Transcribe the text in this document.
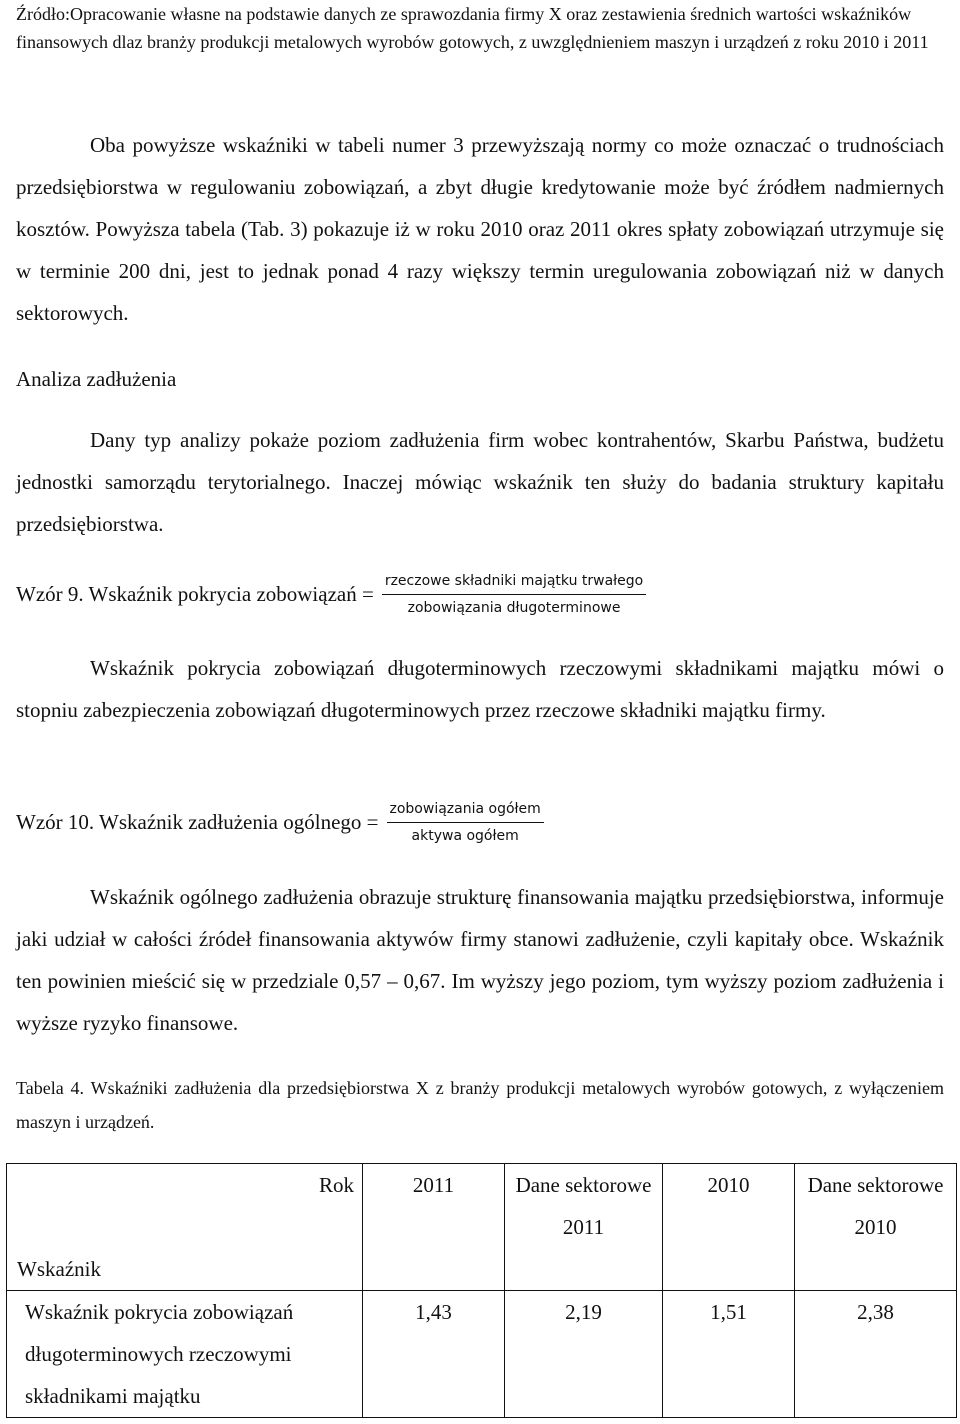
Źródło:Opracowanie własne na podstawie danych ze sprawozdania firmy X oraz zestawienia średnich wartości wskaźników finansowych dlaz branży produkcji metalowych wyrobów gotowych, z uwzględnieniem maszyn i urządzeń z roku 2010 i 2011

Oba powyższe wskaźniki w tabeli numer 3 przewyższają normy co może oznaczać o trudnościach przedsiębiorstwa w regulowaniu zobowiązań, a zbyt długie kredytowanie może być źródłem nadmiernych kosztów. Powyższa tabela (Tab. 3) pokazuje iż w roku 2010 oraz 2011 okres spłaty zobowiązań utrzymuje się w terminie 200 dni, jest to jednak ponad 4 razy większy termin uregulowania zobowiązań niż w danych sektorowych.

Analiza zadłużenia

Dany typ analizy pokaże poziom zadłużenia firm wobec kontrahentów, Skarbu Państwa, budżetu jednostki samorządu terytorialnego. Inaczej mówiąc wskaźnik ten służy do badania struktury kapitału przedsiębiorstwa.

Wzór 9. Wskaźnik pokrycia zobowiązań = $\frac{\text{rzeczowe składniki majątku trwałego}}{\text{zobowiązania długoterminowe}}$

Wskaźnik pokrycia zobowiązań długoterminowych rzeczowymi składnikami majątku mówi o stopniu zabezpieczenia zobowiązań długoterminowych przez rzeczowe składniki majątku firmy.

Wzór 10. Wskaźnik zadłużenia ogólnego = $\frac{\text{zobowiązania ogółem}}{\text{aktywa ogółem}}$

Wskaźnik ogólnego zadłużenia obrazuje strukturę finansowania majątku przedsiębiorstwa, informuje jaki udział w całości źródeł finansowania aktywów firmy stanowi zadłużenie, czyli kapitały obce. Wskaźnik ten powinien mieścić się w przedziale 0,57 – 0,67. Im wyższy jego poziom, tym wyższy poziom zadłużenia i wyższe ryzyko finansowe.

Tabela 4. Wskaźniki zadłużenia dla przedsiębiorstwa X z branży produkcji metalowych wyrobów gotowych, z wyłączeniem maszyn i urządzeń.

Rok
Wskaźnik	2011	Dane sektorowe 2011	2010	Dane sektorowe 2010
Wskaźnik pokrycia zobowiązań długoterminowych rzeczowymi składnikami majątku	1,43	2,19	1,51	2,38
